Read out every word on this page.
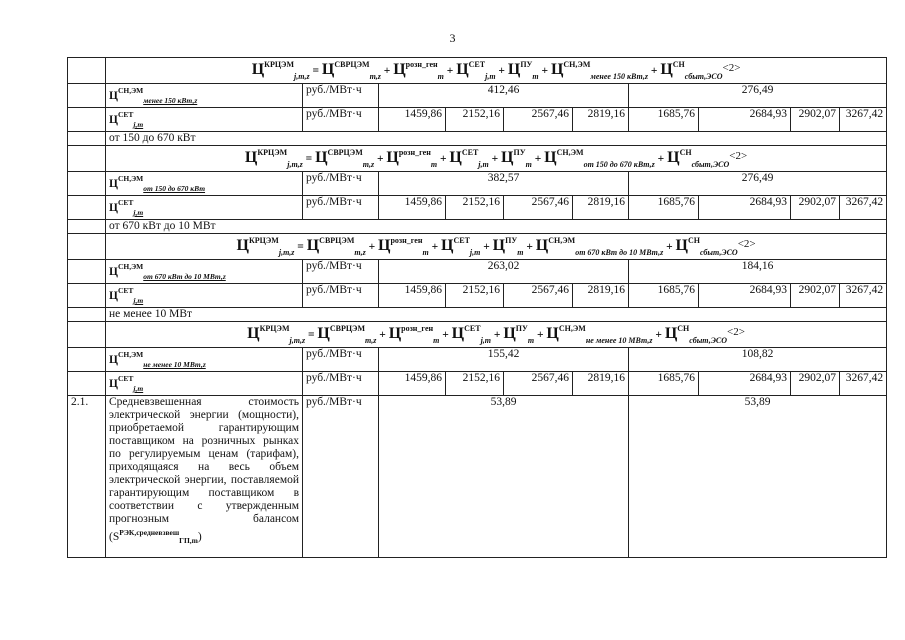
3
	$Ц^{КРЦЭМ}_{j,m,z} = Ц^{СВРЦЭМ}_{m,z} + Ц^{розн\_ген}_m + Ц^{СЕТ}_{j,m} + Ц^{ПУ}_m + Ц^{СН,ЭМ}_{менее 150 кВт,z} + Ц^{СН}_{сбыт,ЭСО}<2>$									
	$Ц^{СН,ЭМ}_{менее 150 кВт,z}$	руб./МВт·ч	412,46				276,49			
	$Ц^{СЕТ}_{j,m}$	руб./МВт·ч	1459,86	2152,16	2567,46	2819,16	1685,76	2684,93	2902,07	3267,42
	от 150 до 670 кВт									
	$Ц^{КРЦЭМ}_{j,m,z} = Ц^{СВРЦЭМ}_{m,z} + Ц^{розн\_ген}_m + Ц^{СЕТ}_{j,m} + Ц^{ПУ}_m + Ц^{СН,ЭМ}_{от 150 до 670 кВт,z} + Ц^{СН}_{сбыт,ЭСО}<2>$									
	$Ц^{СН,ЭМ}_{от 150 до 670 кВт}$	руб./МВт·ч	382,57				276,49			
	$Ц^{СЕТ}_{j,m}$	руб./МВт·ч	1459,86	2152,16	2567,46	2819,16	1685,76	2684,93	2902,07	3267,42
	от 670 кВт до 10 МВт									
	$Ц^{КРЦЭМ}_{j,m,z} = Ц^{СВРЦЭМ}_{m,z} + Ц^{розн\_ген}_m + Ц^{СЕТ}_{j,m} + Ц^{ПУ}_m + Ц^{СН,ЭМ}_{от 670 кВт до 10 МВт,z} + Ц^{СН}_{сбыт,ЭСО}<2>$									
	$Ц^{СН,ЭМ}_{от 670 кВт до 10 МВт,z}$	руб./МВт·ч	263,02				184,16			
	$Ц^{СЕТ}_{j,m}$	руб./МВт·ч	1459,86	2152,16	2567,46	2819,16	1685,76	2684,93	2902,07	3267,42
	не менее 10 МВт									
	$Ц^{КРЦЭМ}_{j,m,z} = Ц^{СВРЦЭМ}_{m,z} + Ц^{розн\_ген}_m + Ц^{СЕТ}_{j,m} + Ц^{ПУ}_m + Ц^{СН,ЭМ}_{не менее 10 МВт,z} + Ц^{СН}_{сбыт,ЭСО}<2>$									
	$Ц^{СН,ЭМ}_{не менее 10 МВт,z}$	руб./МВт·ч	155,42				108,82			
	$Ц^{СЕТ}_{j,m}$	руб./МВт·ч	1459,86	2152,16	2567,46	2819,16	1685,76	2684,93	2902,07	3267,42
2.1.	Средневзвешенная стоимость электрической энергии (мощности), приобретаемой гарантирующим поставщиком на розничных рынках по регулируемым ценам (тарифам), приходящаяся на весь объем электрической энергии, поставляемой гарантирующим поставщиком в соответствии с утвержденным прогнозным балансом $(S^{РЭК,средневзвеш}_{ГП,m})$	руб./МВт·ч	53,89				53,89			
